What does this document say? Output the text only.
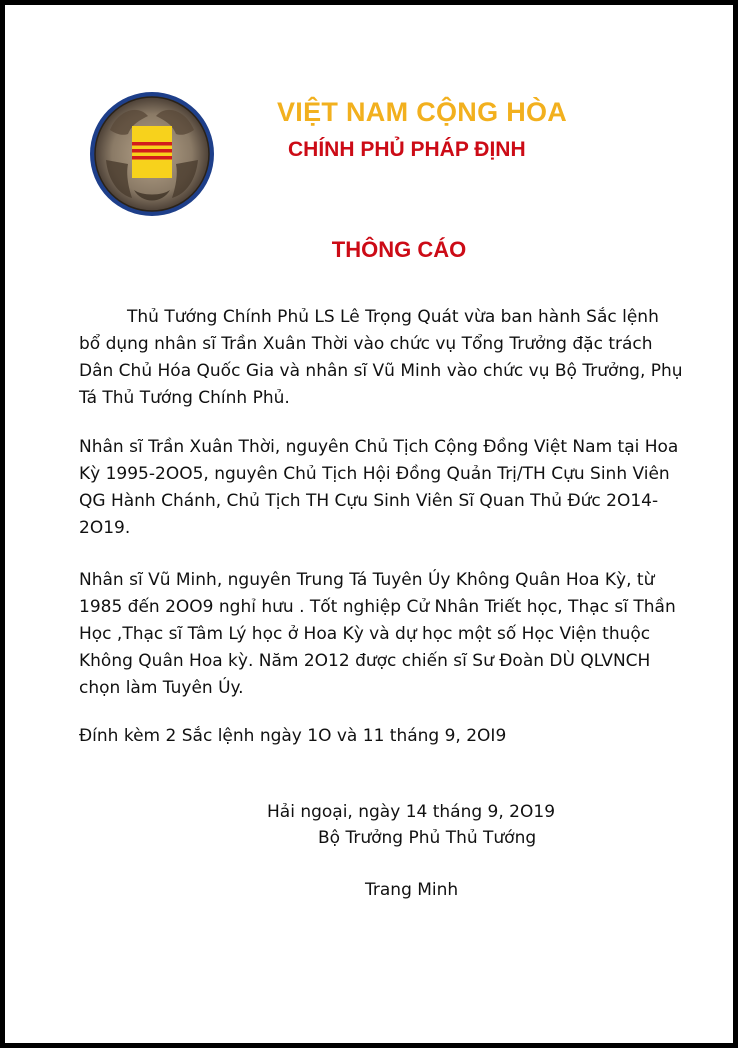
VIỆT NAM CỘNG HÒA
CHÍNH PHỦ PHÁP ĐỊNH
THÔNG CÁO
Thủ Tướng Chính Phủ LS Lê Trọng Quát vừa ban hành Sắc lệnh
bổ dụng nhân sĩ Trần Xuân Thời vào chức vụ Tổng Trưởng đặc trách
Dân Chủ Hóa Quốc Gia và nhân sĩ Vũ Minh vào chức vụ Bộ Trưởng, Phụ
Tá Thủ Tướng Chính Phủ.
Nhân sĩ Trần Xuân Thời, nguyên Chủ Tịch Cộng Đồng Việt Nam tại Hoa
Kỳ 1995-2OO5, nguyên Chủ Tịch Hội Đồng Quản Trị/TH Cựu Sinh Viên
QG Hành Chánh, Chủ Tịch TH Cựu Sinh Viên Sĩ Quan Thủ Đức 2O14-
2O19.
Nhân sĩ Vũ Minh, nguyên Trung Tá Tuyên Úy Không Quân Hoa Kỳ, từ
1985 đến 2OO9 nghỉ hưu . Tốt nghiệp Cử Nhân Triết học, Thạc sĩ Thần
Học ,Thạc sĩ Tâm Lý học ở Hoa Kỳ và dự học một số Học Viện thuộc
Không Quân Hoa kỳ. Năm 2O12 được chiến sĩ Sư Đoàn DÙ QLVNCH
chọn làm Tuyên Úy.
Đính kèm 2 Sắc lệnh ngày 1O và 11 tháng 9, 2OI9
Hải ngoại, ngày 14 tháng 9, 2O19
Bộ Trưởng Phủ Thủ Tướng
Trang Minh
